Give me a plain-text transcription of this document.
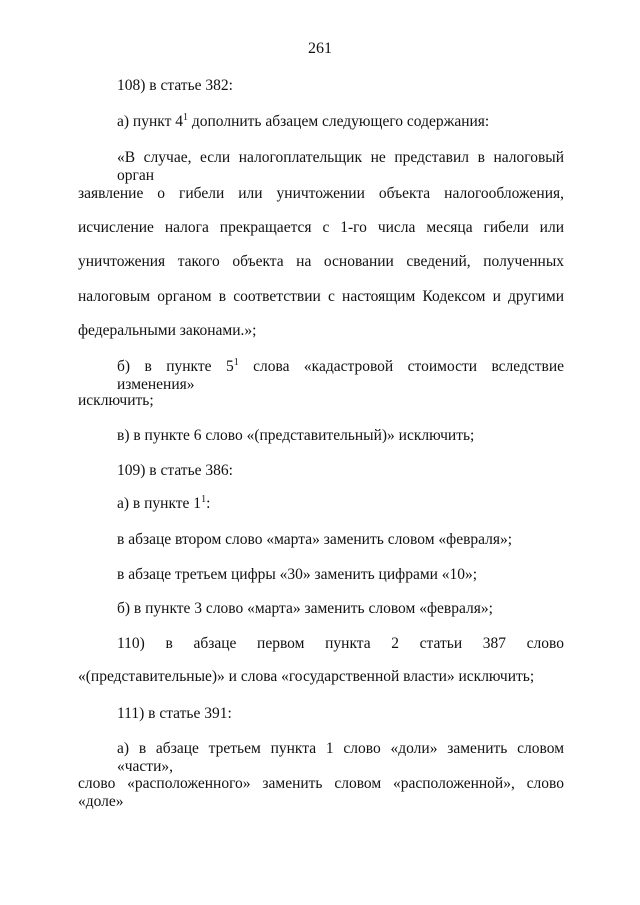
261
108) в статье 382:
а) пункт $4^1$ дополнить абзацем следующего содержания:
«В случае, если налогоплательщик не представил в налоговый орган
заявление о гибели или уничтожении объекта налогообложения,
исчисление налога прекращается с 1-го числа месяца гибели или
уничтожения такого объекта на основании сведений, полученных
налоговым органом в соответствии с настоящим Кодексом и другими
федеральными законами.»;
б) в пункте $5^1$ слова «кадастровой стоимости вследствие изменения»
исключить;
в) в пункте 6 слово «(представительный)» исключить;
109) в статье 386:
а) в пункте $1^1$:
в абзаце втором слово «марта» заменить словом «февраля»;
в абзаце третьем цифры «30» заменить цифрами «10»;
б) в пункте 3 слово «марта» заменить словом «февраля»;
110) в абзаце первом пункта 2 статьи 387 слово
«(представительные)» и слова «государственной власти» исключить;
111) в статье 391:
а) в абзаце третьем пункта 1 слово «доли» заменить словом «части»,
слово «расположенного» заменить словом «расположенной», слово «доле»
